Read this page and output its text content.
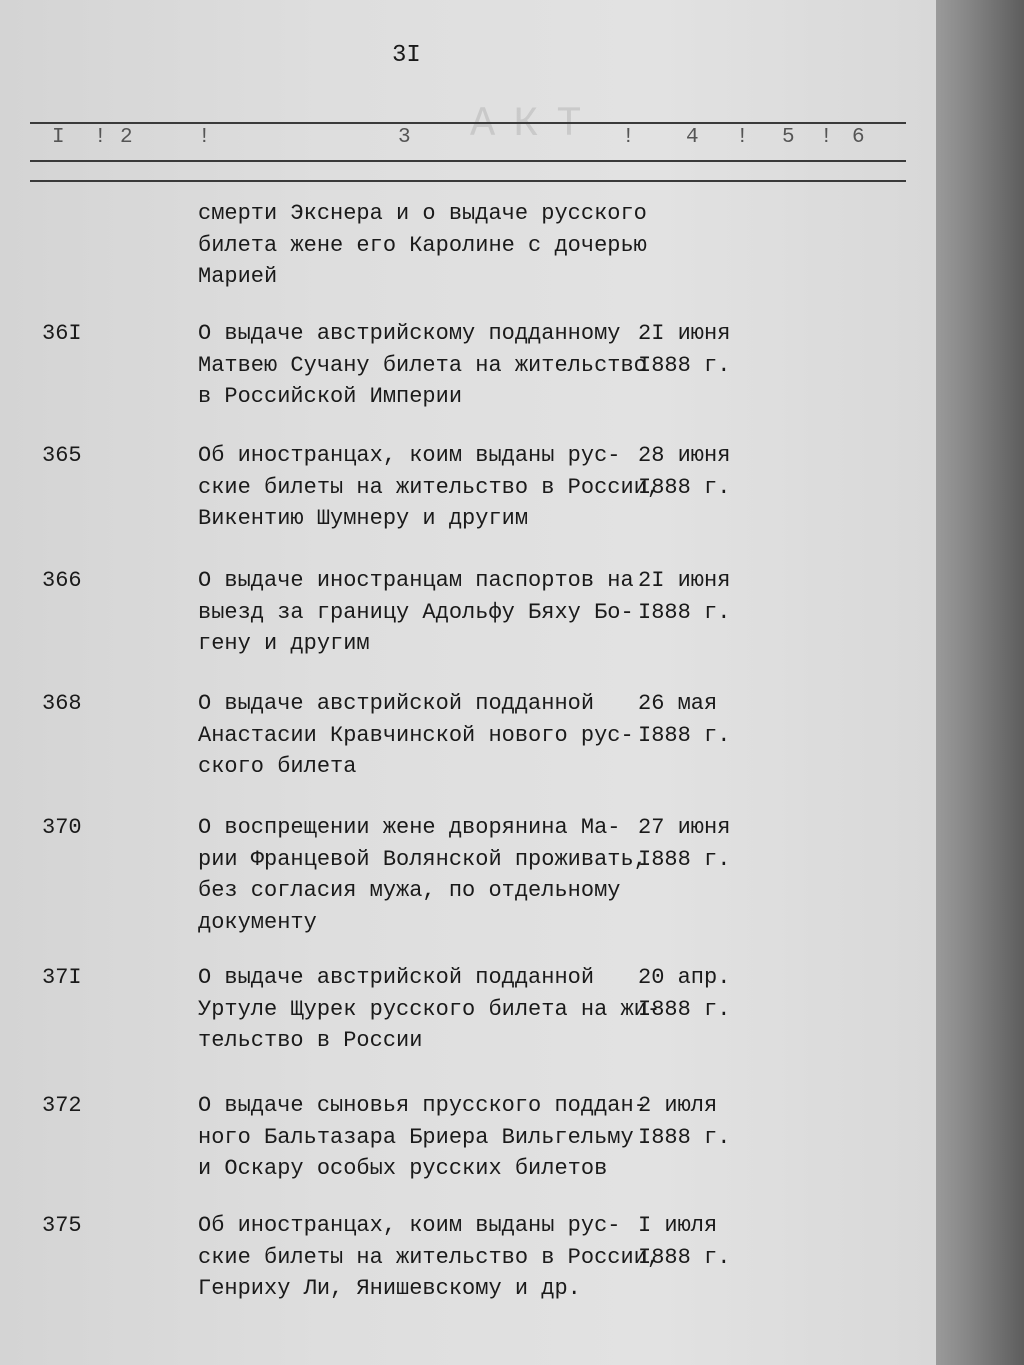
АКТ
3I
I ! 2	!	3	! 4 ! 5 ! 6
смерти Экснера и о выдаче русского
билета жене его Каролине с дочерью
Марией
36I	О выдаче австрийскому подданному
Матвею Сучану билета на жительство
в Российской Империи
2I июня
I888 г.
365	Об иностранцах, коим выданы рус-
ские билеты на жительство в России,
Викентию Шумнеру и другим
28 июня
I888 г.
366	О выдаче иностранцам паспортов на
выезд за границу Адольфу Бяху Бо-
гену и другим
2I июня
I888 г.
368	О выдаче австрийской подданной
Анастасии Кравчинской нового рус-
ского билета
26 мая
I888 г.
370	О воспрещении жене дворянина Ма-
рии Францевой Волянской проживать,
без согласия мужа, по отдельному
документу
27 июня
I888 г.
37I	О выдаче австрийской подданной
Уртуле Щурек русского билета на жи-
тельство в России
20 апр.
I888 г.
372	О выдаче сыновья прусского поддан-
ного Бальтазара Бриера Вильгельму
и Оскару особых русских билетов
2 июля
I888 г.
375	Об иностранцах, коим выданы рус-
ские билеты на жительство в России,
Генриху Ли, Янишевскому и др.
I июля
I888 г.
